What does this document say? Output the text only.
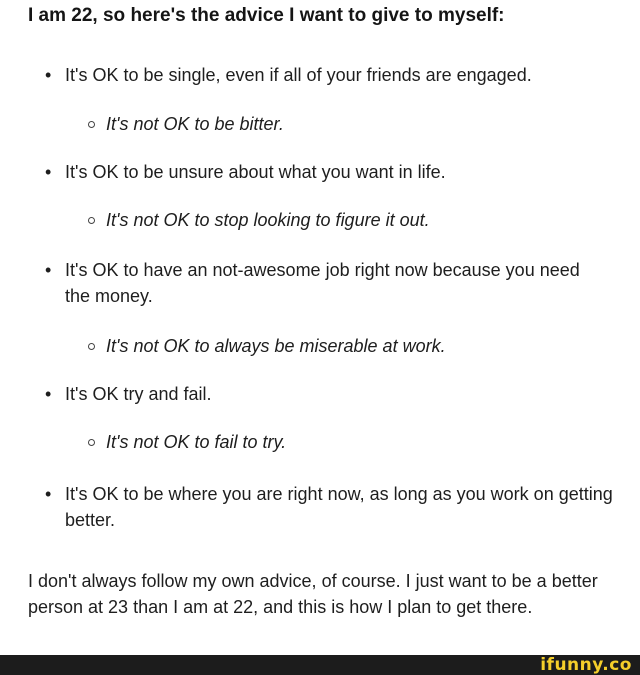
I am 22, so here's the advice I want to give to myself:
• It's OK to be single, even if all of your friends are engaged.
It's not OK to be bitter.
• It's OK to be unsure about what you want in life.
It's not OK to stop looking to figure it out.
• It's OK to have an not-awesome job right now because you need the money.
It's not OK to always be miserable at work.
• It's OK try and fail.
It's not OK to fail to try.
• It's OK to be where you are right now, as long as you work on getting better.
I don't always follow my own advice, of course. I just want to be a better person at 23 than I am at 22, and this is how I plan to get there.
ifunny.co
